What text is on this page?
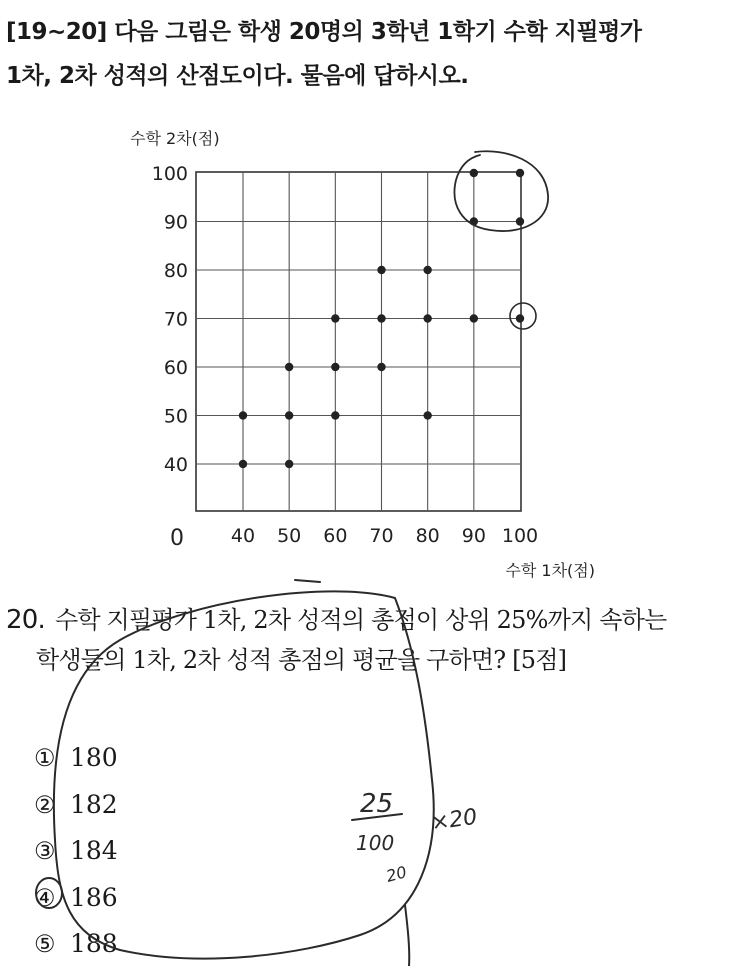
[19~20] 다음 그림은 학생 20명의 3학년 1학기 수학 지필평가
1차, 2차 성적의 산점도이다. 물음에 답하시오.
40 50 60 70 80 90 100
40
50
60
70
80
90
100
0
수학 2차(점)
수학 1차(점)
20. 수학 지필평가 1차, 2차 성적의 총점이 상위 25%까지 속하는
학생들의 1차, 2차 성적 총점의 평균을 구하면? [5점]
① 180
② 182
③ 184
④ 186
⑤ 188
25
100
×20
20
